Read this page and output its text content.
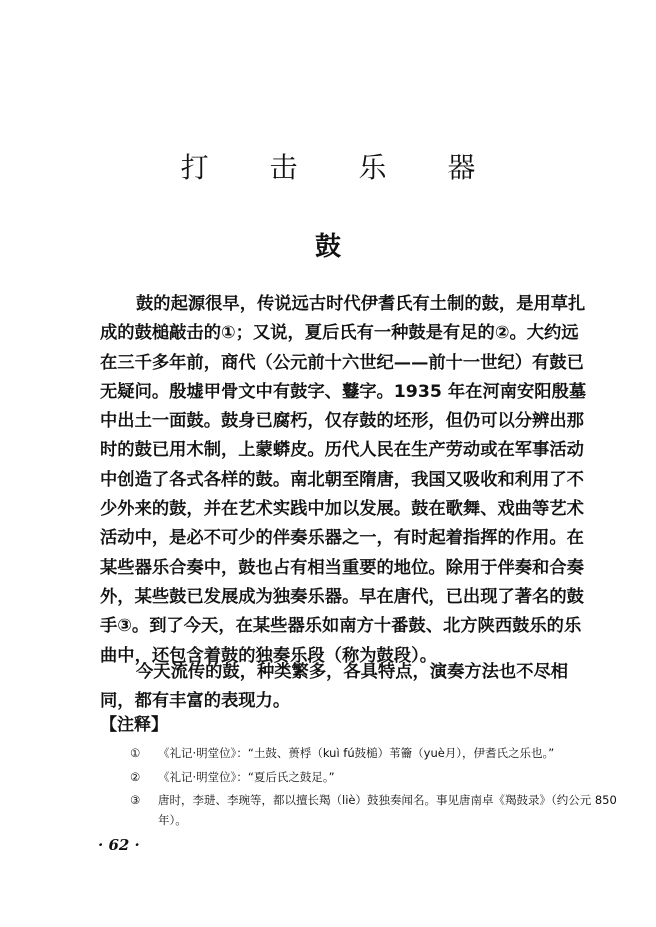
打 击 乐 器
鼓
鼓的起源很早，传说远古时代伊耆氏有土制的鼓，是用草扎
成的鼓槌敲击的①；又说，夏后氏有一种鼓是有足的②。大约远
在三千多年前，商代（公元前十六世纪——前十一世纪）有鼓已
无疑问。殷墟甲骨文中有鼓字、鼟字。1935 年在河南安阳殷墓
中出土一面鼓。鼓身已腐朽，仅存鼓的坯形，但仍可以分辨出那
时的鼓已用木制，上蒙蟒皮。历代人民在生产劳动或在军事活动
中创造了各式各样的鼓。南北朝至隋唐，我国又吸收和利用了不
少外来的鼓，并在艺术实践中加以发展。鼓在歌舞、戏曲等艺术
活动中，是必不可少的伴奏乐器之一，有时起着指挥的作用。在
某些器乐合奏中，鼓也占有相当重要的地位。除用于伴奏和合奏
外，某些鼓已发展成为独奏乐器。早在唐代，已出现了著名的鼓
手③。到了今天，在某些器乐如南方十番鼓、北方陕西鼓乐的乐
曲中，还包含着鼓的独奏乐段（称为鼓段）。
今天流传的鼓，种类繁多，各具特点，演奏方法也不尽相
同，都有丰富的表现力。
【注释】
①	《礼记·明堂位》：“土鼓、蒉桴（kuì fú鼓槌）苇籥（yuè月），伊耆氏之乐也。”
②	《礼记·明堂位》：“夏后氏之鼓足。”
③	唐时，李琎、李琬等，都以擅长羯（liè）鼓独奏闻名。事见唐南卓《羯鼓录》（约公元 850 年）。
· 62 ·
